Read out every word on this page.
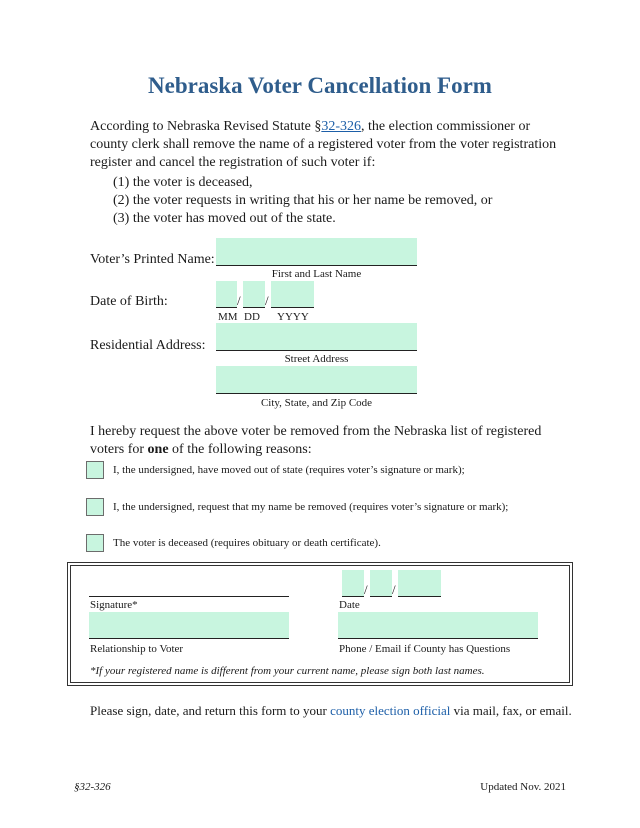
Nebraska Voter Cancellation Form
According to Nebraska Revised Statute §32-326, the election commissioner or
county clerk shall remove the name of a registered voter from the voter registration
register and cancel the registration of such voter if:
(1) the voter is deceased,
(2) the voter requests in writing that his or her name be removed, or
(3) the voter has moved out of the state.
Voter’s Printed Name:
First and Last Name
Date of Birth:	/ /
MM DD YYYY
Residential Address:
Street Address
City, State, and Zip Code
I hereby request the above voter be removed from the Nebraska list of registered
voters for one of the following reasons:
I, the undersigned, have moved out of state (requires voter’s signature or mark);
I, the undersigned, request that my name be removed (requires voter’s signature or mark);
The voter is deceased (requires obituary or death certificate).
Signature*
/ /
Date
Relationship to Voter	Phone / Email if County has Questions
*If your registered name is different from your current name, please sign both last names.
Please sign, date, and return this form to your county election official via mail, fax, or email.
§32-326	Updated Nov. 2021
